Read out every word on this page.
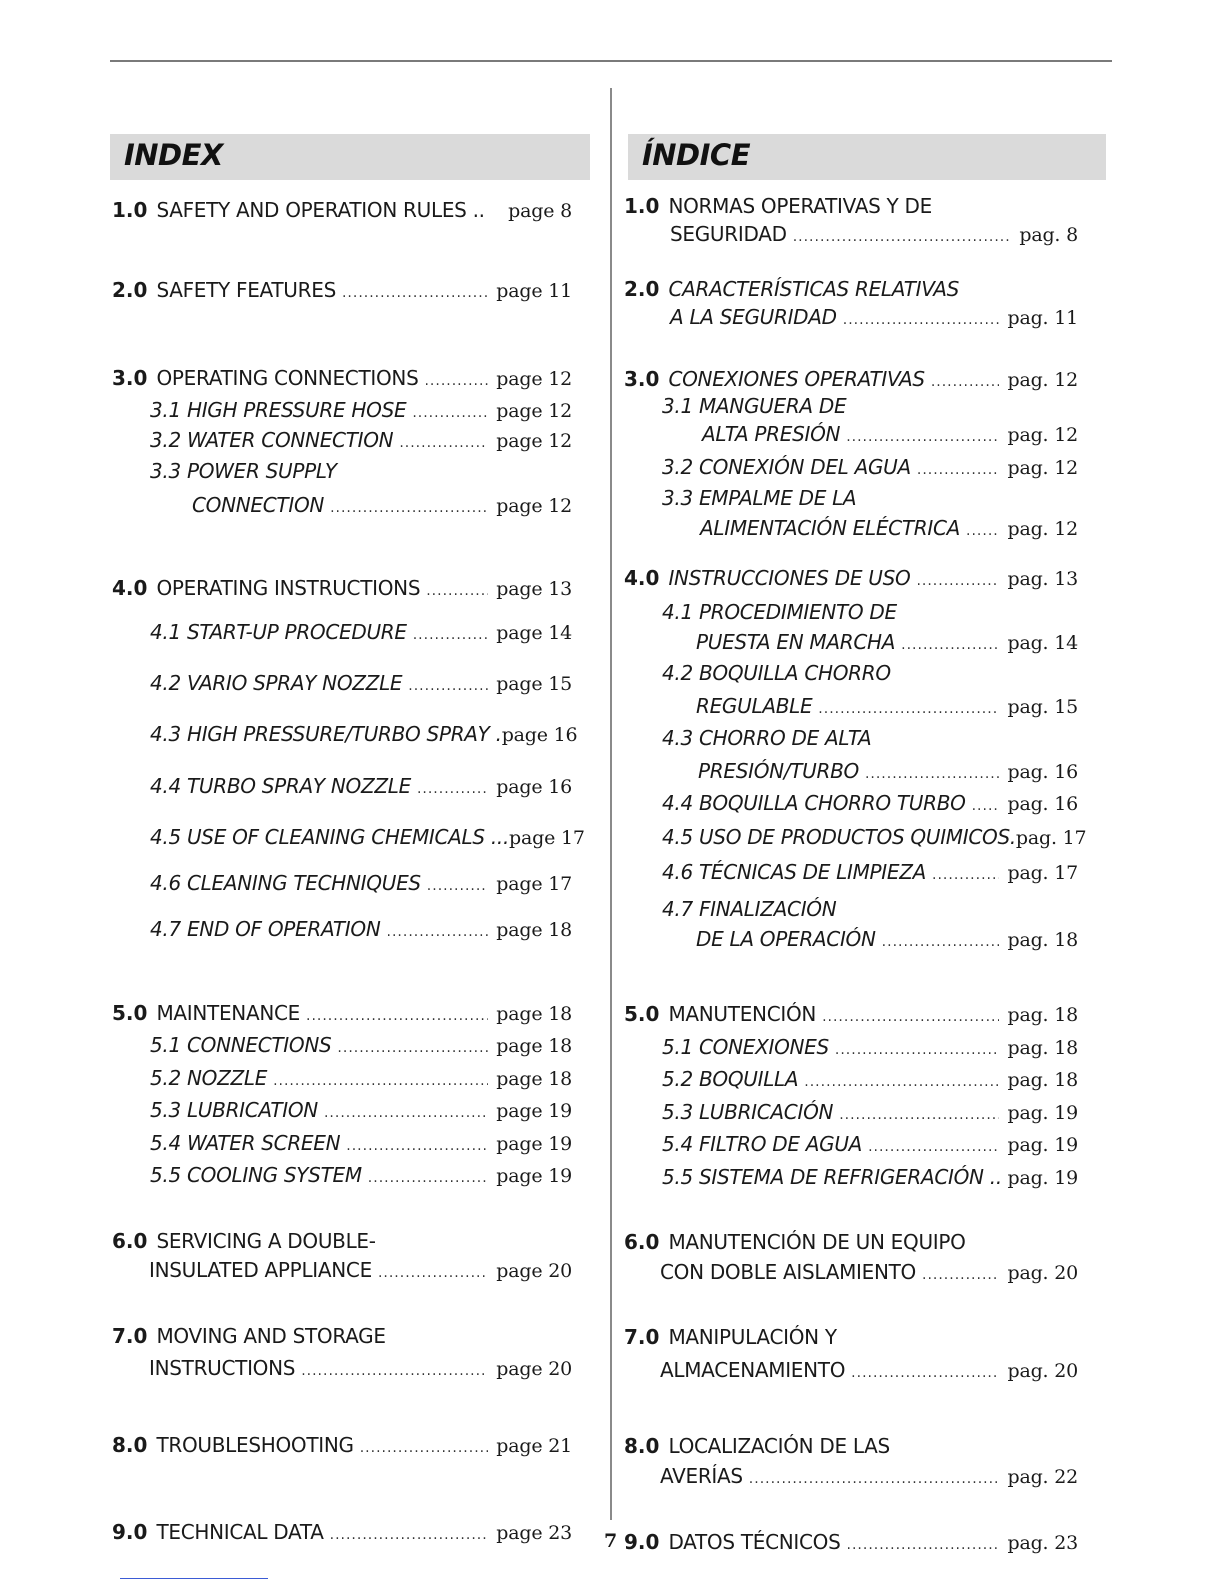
INDEX
1.0 SAFETY AND OPERATION RULES .. page 8
2.0 SAFETY FEATURES .....	page 11
3.0 OPERATING CONNECTIONS .....	page 12
3.1 HIGH PRESSURE HOSE .....	page 12
3.2 WATER CONNECTION .....	page 12
3.3 POWER SUPPLY
CONNECTION .....	page 12
4.0 OPERATING INSTRUCTIONS .....	page 13
4.1 START-UP PROCEDURE .....	page 14
4.2 VARIO SPRAY NOZZLE .....	page 15
4.3 HIGH PRESSURE/TURBO SPRAY . page 16
4.4 TURBO SPRAY NOZZLE .....	page 16
4.5 USE OF CLEANING CHEMICALS ... page 17
4.6 CLEANING TECHNIQUES .....	page 17
4.7 END OF OPERATION .....	page 18
5.0 MAINTENANCE .....	page 18
5.1 CONNECTIONS .....	page 18
5.2 NOZZLE .....	page 18
5.3 LUBRICATION .....	page 19
5.4 WATER SCREEN .....	page 19
5.5 COOLING SYSTEM .....	page 19
6.0 SERVICING A DOUBLE-
INSULATED APPLIANCE .....	page 20
7.0 MOVING AND STORAGE
INSTRUCTIONS .....	page 20
8.0 TROUBLESHOOTING .....	page 21
9.0 TECHNICAL DATA .....	page 23
ÍNDICE
1.0 NORMAS OPERATIVAS Y DE
SEGURIDAD .....	pag. 8
2.0 CARACTERÍSTICAS RELATIVAS
A LA SEGURIDAD .....	pag. 11
3.0 CONEXIONES OPERATIVAS .....	pag. 12
3.1 MANGUERA DE
ALTA PRESIÓN .....	pag. 12
3.2 CONEXIÓN DEL AGUA .....	pag. 12
3.3 EMPALME DE LA
ALIMENTACIÓN ELÉCTRICA ..... pag. 12
4.0 INSTRUCCIONES DE USO .....	pag. 13
4.1 PROCEDIMIENTO DE
PUESTA EN MARCHA .....	pag. 14
4.2 BOQUILLA CHORRO
REGULABLE .....	pag. 15
4.3 CHORRO DE ALTA
PRESIÓN/TURBO .....	pag. 16
4.4 BOQUILLA CHORRO TURBO ..... pag. 16
4.5 USO DE PRODUCTOS QUIMICOS. pag. 17
4.6 TÉCNICAS DE LIMPIEZA .....	pag. 17
4.7 FINALIZACIÓN
DE LA OPERACIÓN .....	pag. 18
5.0 MANUTENCIÓN .....	pag. 18
5.1 CONEXIONES .....	pag. 18
5.2 BOQUILLA .....	pag. 18
5.3 LUBRICACIÓN .....	pag. 19
5.4 FILTRO DE AGUA .....	pag. 19
5.5 SISTEMA DE REFRIGERACIÓN .. pag. 19
6.0 MANUTENCIÓN DE UN EQUIPO
CON DOBLE AISLAMIENTO .....	pag. 20
7.0 MANIPULACIÓN Y
ALMACENAMIENTO .....	pag. 20
8.0 LOCALIZACIÓN DE LAS
AVERÍAS .....	pag. 22
9.0 DATOS TÉCNICOS .....	pag. 23
7
